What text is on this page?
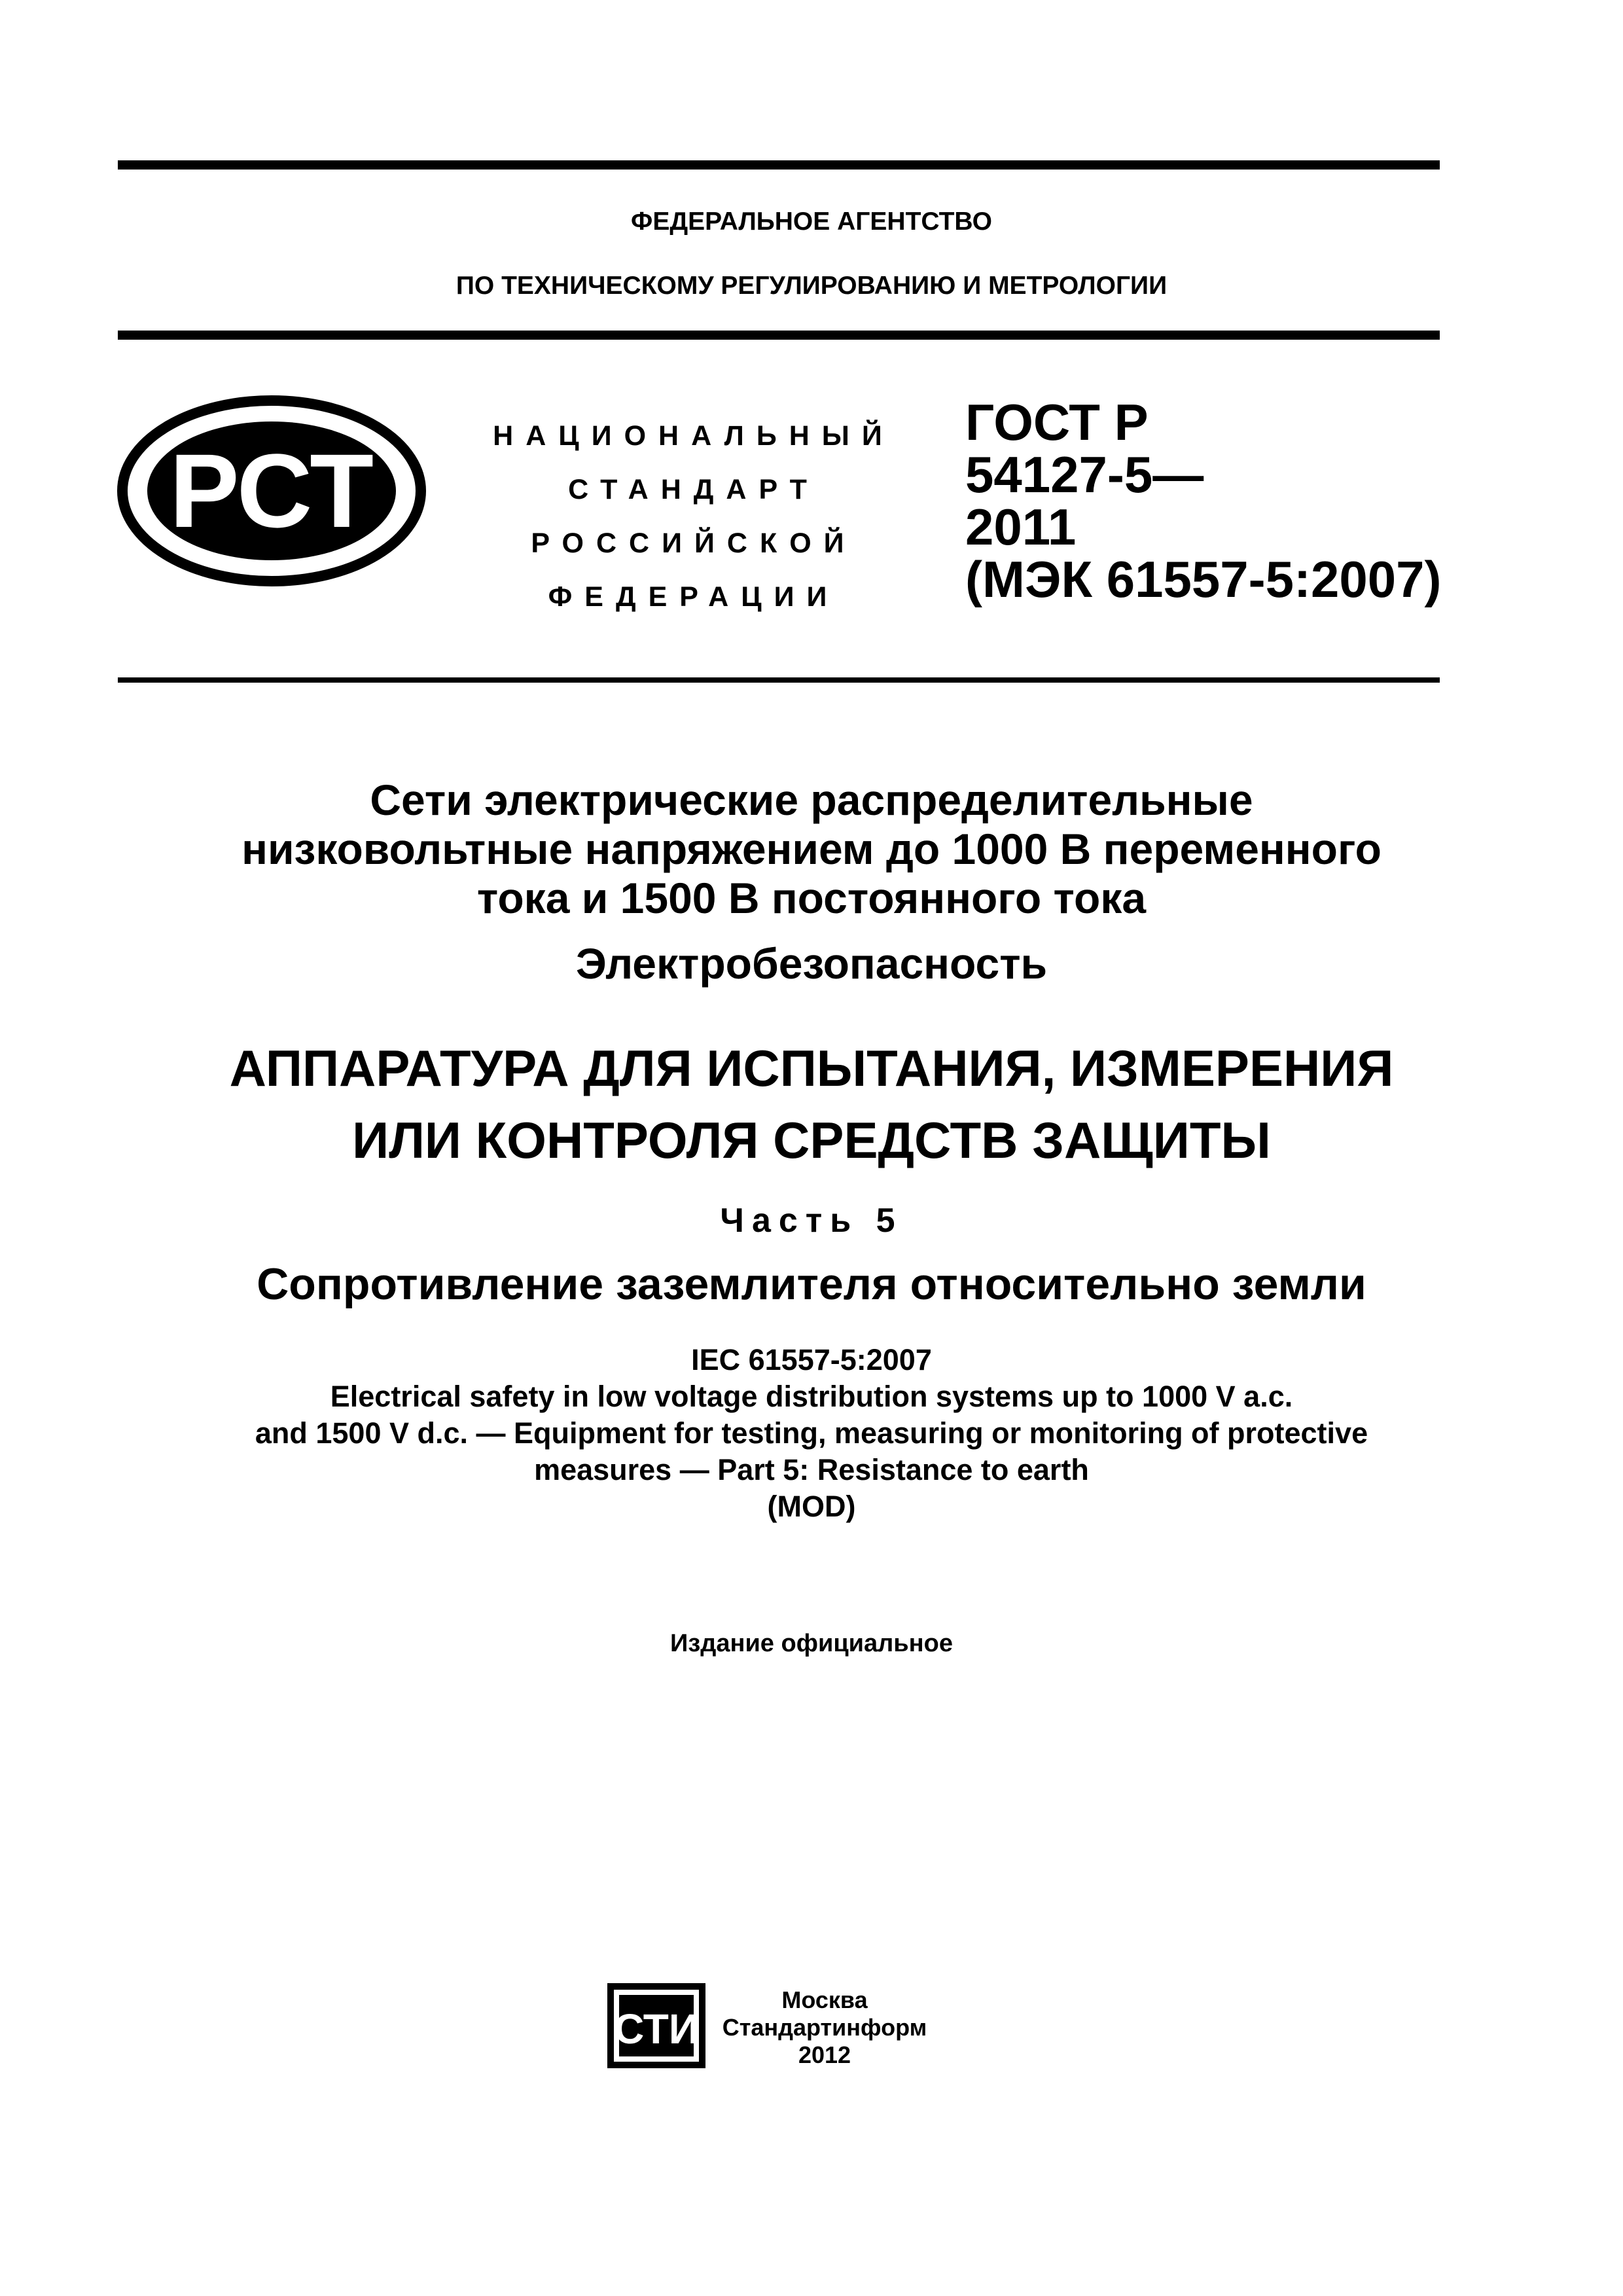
ФЕДЕРАЛЬНОЕ АГЕНТСТВО
ПО ТЕХНИЧЕСКОМУ РЕГУЛИРОВАНИЮ И МЕТРОЛОГИИ
РСТ	НАЦИОНАЛЬНЫЙ
СТАНДАРТ
РОССИЙСКОЙ
ФЕДЕРАЦИИ
ГОСТ Р
54127-5—
2011
(МЭК 61557-5:2007)
Сети электрические распределительные
низковольтные напряжением до 1000 В переменного
тока и 1500 В постоянного тока
Электробезопасность
АППАРАТУРА ДЛЯ ИСПЫТАНИЯ, ИЗМЕРЕНИЯ
ИЛИ КОНТРОЛЯ СРЕДСТВ ЗАЩИТЫ
Часть 5
Сопротивление заземлителя относительно земли
IEC 61557-5:2007
Electrical safety in low voltage distribution systems up to 1000 V a.c.
and 1500 V d.c. — Equipment for testing, measuring or monitoring of protective
measures — Part 5: Resistance to earth
(MOD)
Издание официальное
СТИ
Москва
Стандартинформ
2012
